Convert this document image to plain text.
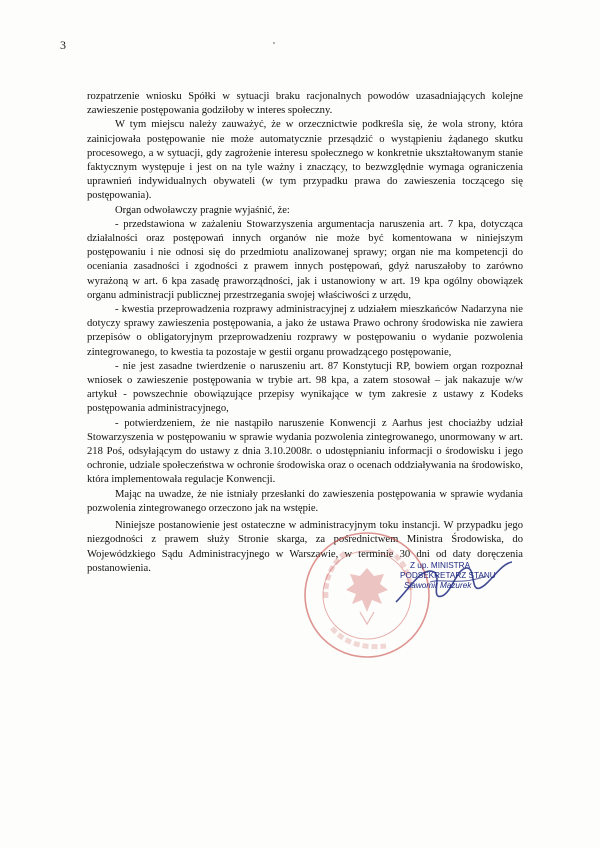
3

rozpatrzenie wniosku Spółki w sytuacji braku racjonalnych powodów uzasadniających kolejne zawieszenie postępowania godziłoby w interes społeczny.

W tym miejscu należy zauważyć, że w orzecznictwie podkreśla się, że wola strony, która zainicjowała postępowanie nie może automatycznie przesądzić o wystąpieniu żądanego skutku procesowego, a w sytuacji, gdy zagrożenie interesu społecznego w konkretnie ukształtowanym stanie faktycznym występuje i jest on na tyle ważny i znaczący, to bezwzględnie wymaga ograniczenia uprawnień indywidualnych obywateli (w tym przypadku prawa do zawieszenia toczącego się postępowania).

Organ odwoławczy pragnie wyjaśnić, że:

- przedstawiona w zażaleniu Stowarzyszenia argumentacja naruszenia art. 7 kpa, dotycząca działalności oraz postępowań innych organów nie może być komentowana w niniejszym postępowaniu i nie odnosi się do przedmiotu analizowanej sprawy; organ nie ma kompetencji do oceniania zasadności i zgodności z prawem innych postępowań, gdyż naruszałoby to zarówno wyrażoną w art. 6 kpa zasadę praworządności, jak i ustanowiony w art. 19 kpa ogólny obowiązek organu administracji publicznej przestrzegania swojej właściwości z urzędu,

- kwestia przeprowadzenia rozprawy administracyjnej z udziałem mieszkańców Nadarzyna nie dotyczy sprawy zawieszenia postępowania, a jako że ustawa Prawo ochrony środowiska nie zawiera przepisów o obligatoryjnym przeprowadzeniu rozprawy w postępowaniu o wydanie pozwolenia zintegrowanego, to kwestia ta pozostaje w gestii organu prowadzącego postępowanie,

- nie jest zasadne twierdzenie o naruszeniu art. 87 Konstytucji RP, bowiem organ rozpoznał wniosek o zawieszenie postępowania w trybie art. 98 kpa, a zatem stosował – jak nakazuje w/w artykuł - powszechnie obowiązujące przepisy wynikające w tym zakresie z ustawy z Kodeks postępowania administracyjnego,

- potwierdzeniem, że nie nastąpiło naruszenie Konwencji z Aarhus jest chociażby udział Stowarzyszenia w postępowaniu w sprawie wydania pozwolenia zintegrowanego, unormowany w art. 218 Poś, odsyłającym do ustawy z dnia 3.10.2008r. o udostępnianiu informacji o środowisku i jego ochronie, udziale społeczeństwa w ochronie środowiska oraz o ocenach oddziaływania na środowisko, która implementowała regulacje Konwencji.

Mając na uwadze, że nie istniały przesłanki do zawieszenia postępowania w sprawie wydania pozwolenia zintegrowanego orzeczono jak na wstępie.

Niniejsze postanowienie jest ostateczne w administracyjnym toku instancji. W przypadku jego niezgodności z prawem służy Stronie skarga, za pośrednictwem Ministra Środowiska, do Wojewódzkiego Sądu Administracyjnego w Warszawie, w terminie 30 dni od daty doręczenia postanowienia.	Z up. MINISTRA
PODSEKRETARZ STANU
Sławomir Mazurek
